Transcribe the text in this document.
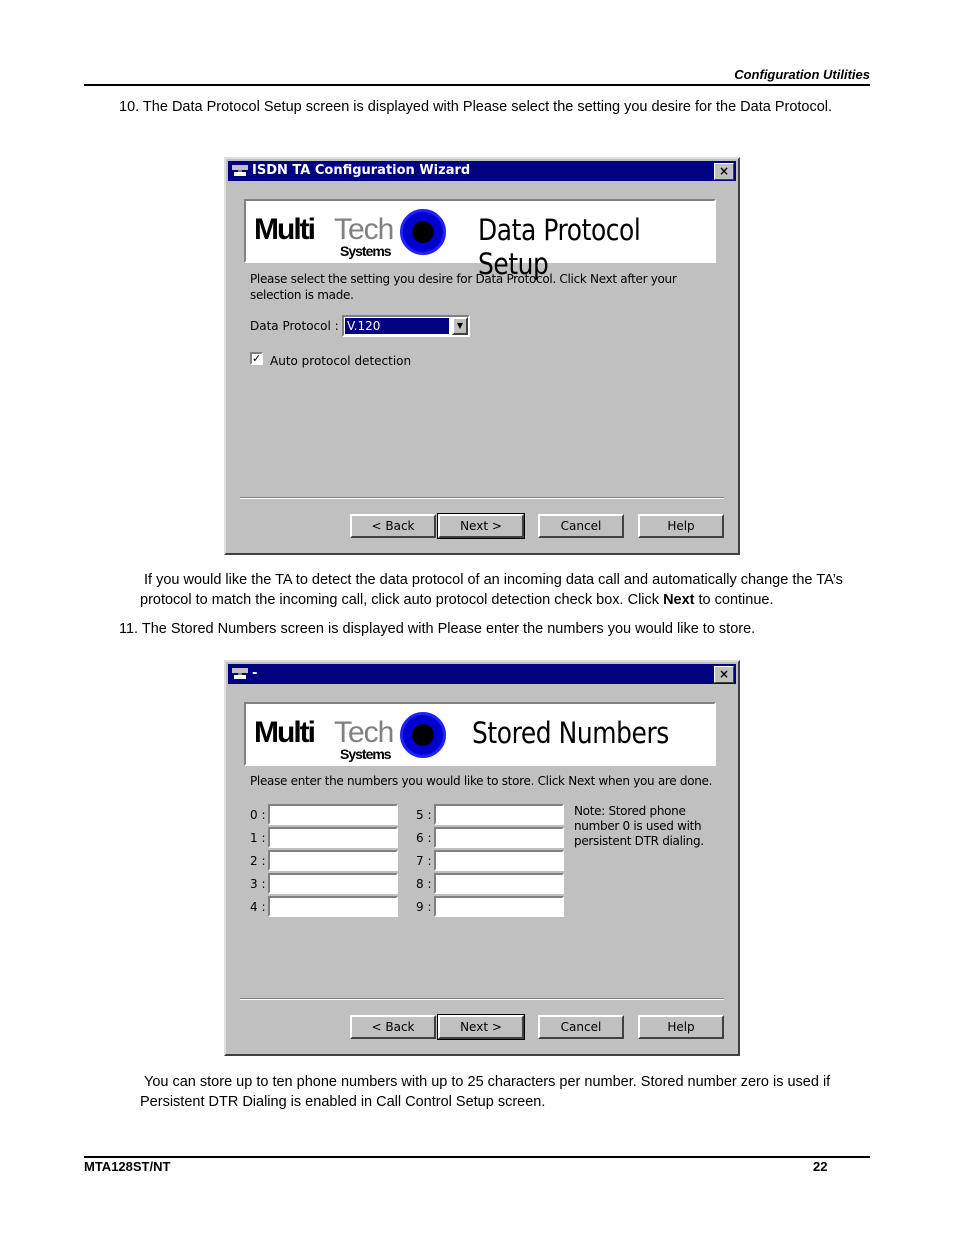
Configuration Utilities
10. The Data Protocol Setup screen is displayed with Please select the setting you desire for the Data Protocol.
ISDN TA Configuration Wizard	×
Multi Tech
Systems
Data Protocol Setup
Please select the setting you desire for Data Protocol. Click Next after your selection is made.
Data Protocol : V.120	▼
✓ Auto protocol detection
< Back	Next >	Cancel	Help
If you would like the TA to detect the data protocol of an incoming data call and automatically change the TA’s protocol to match the incoming call, click auto protocol detection check box. Click Next to continue.
11. The Stored Numbers screen is displayed with Please enter the numbers you would like to store.
-	×
Multi Tech
Systems
Stored Numbers
Please enter the numbers you would like to store. Click Next when you are done.
0 :
1 :
2 :
3 :
4 :
5 :
6 :
7 :
8 :
9 :
Note: Stored phone number 0 is used with persistent DTR dialing.
< Back	Next >	Cancel	Help
You can store up to ten phone numbers with up to 25 characters per number. Stored number zero is used if Persistent DTR Dialing is enabled in Call Control Setup screen.
MTA128ST/NT	22
